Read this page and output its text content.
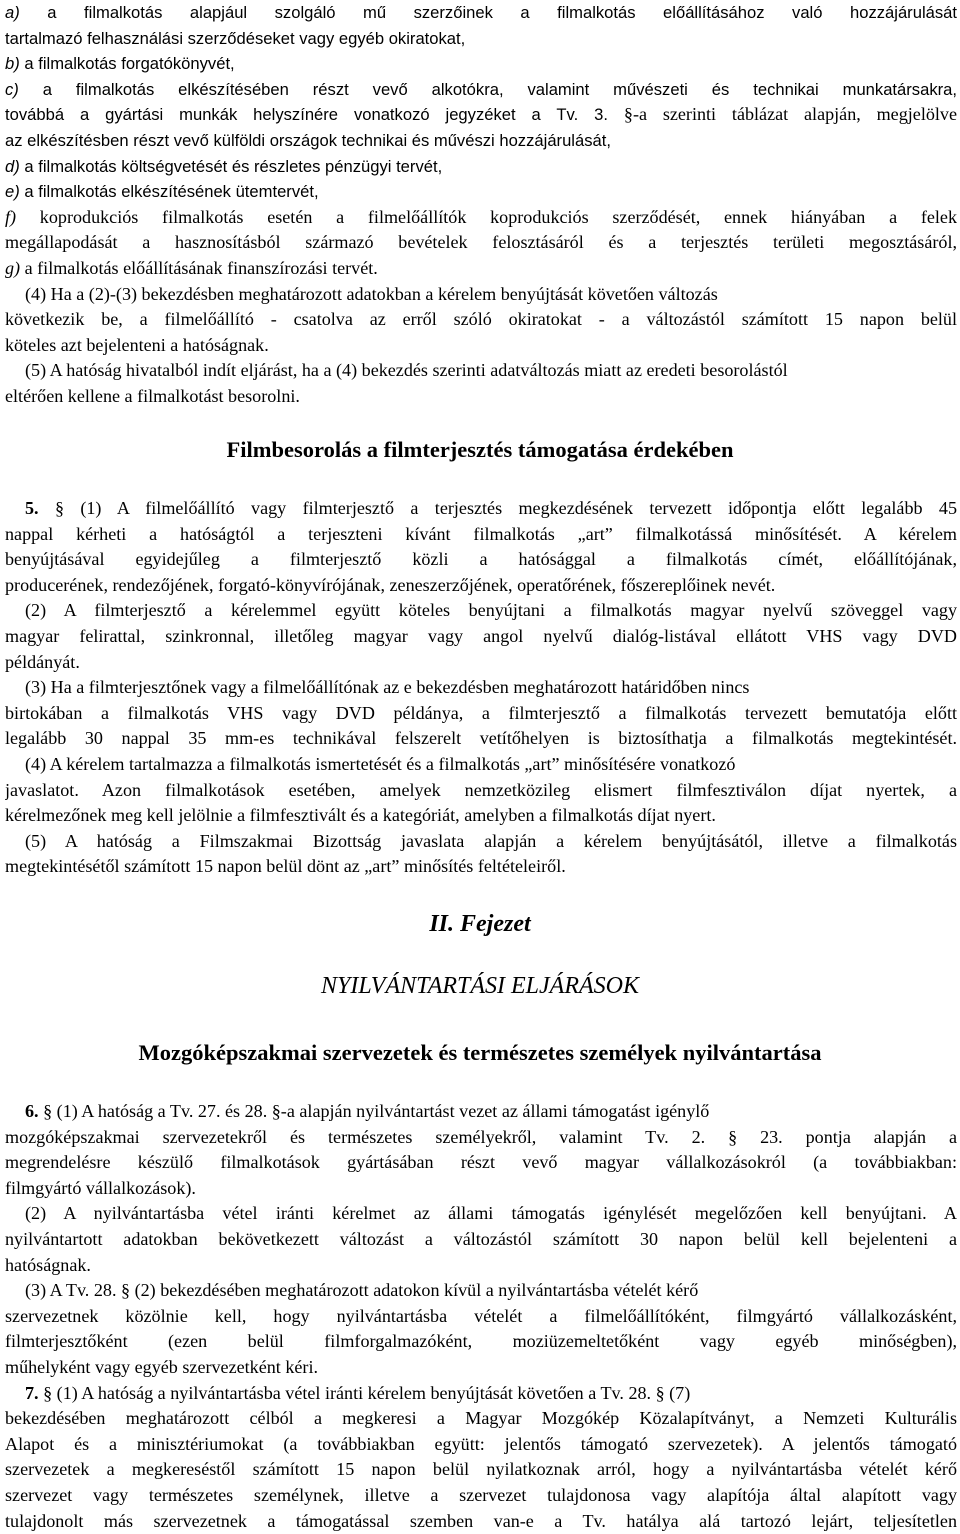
a) a filmalkotás alapjául szolgáló mű szerzőinek a filmalkotás előállításához való hozzájárulását
tartalmazó felhasználási szerződéseket vagy egyéb okiratokat,
b) a filmalkotás forgatókönyvét,
c) a filmalkotás elkészítésében részt vevő alkotókra, valamint művészeti és technikai munkatársakra,
továbbá a gyártási munkák helyszínére vonatkozó jegyzéket a Tv. 3. §-a szerinti táblázat alapján, megjelölve
az elkészítésben részt vevő külföldi országok technikai és művészi hozzájárulását,
d) a filmalkotás költségvetését és részletes pénzügyi tervét,
e) a filmalkotás elkészítésének ütemtervét,
f) koprodukciós filmalkotás esetén a filmelőállítók koprodukciós szerződését, ennek hiányában a felek
megállapodását a hasznosításból származó bevételek felosztásáról és a terjesztés területi megosztásáról,
g) a filmalkotás előállításának finanszírozási tervét.
(4) Ha a (2)-(3) bekezdésben meghatározott adatokban a kérelem benyújtását követően változás
következik be, a filmelőállító - csatolva az erről szóló okiratokat - a változástól számított 15 napon belül
köteles azt bejelenteni a hatóságnak.
(5) A hatóság hivatalból indít eljárást, ha a (4) bekezdés szerinti adatváltozás miatt az eredeti besorolástól
eltérően kellene a filmalkotást besorolni.
Filmbesorolás a filmterjesztés támogatása érdekében
5. § (1) A filmelőállító vagy filmterjesztő a terjesztés megkezdésének tervezett időpontja előtt legalább 45
nappal kérheti a hatóságtól a terjeszteni kívánt filmalkotás „art” filmalkotássá minősítését. A kérelem
benyújtásával egyidejűleg a filmterjesztő közli a hatósággal a filmalkotás címét, előállítójának,
producerének, rendezőjének, forgató-könyvírójának, zeneszerzőjének, operatőrének, főszereplőinek nevét.
(2) A filmterjesztő a kérelemmel együtt köteles benyújtani a filmalkotás magyar nyelvű szöveggel vagy
magyar felirattal, szinkronnal, illetőleg magyar vagy angol nyelvű dialóg-listával ellátott VHS vagy DVD
példányát.
(3) Ha a filmterjesztőnek vagy a filmelőállítónak az e bekezdésben meghatározott határidőben nincs
birtokában a filmalkotás VHS vagy DVD példánya, a filmterjesztő a filmalkotás tervezett bemutatója előtt
legalább 30 nappal 35 mm-es technikával felszerelt vetítőhelyen is biztosíthatja a filmalkotás megtekintését.
(4) A kérelem tartalmazza a filmalkotás ismertetését és a filmalkotás „art” minősítésére vonatkozó
javaslatot. Azon filmalkotások esetében, amelyek nemzetközileg elismert filmfesztiválon díjat nyertek, a
kérelmezőnek meg kell jelölnie a filmfesztivált és a kategóriát, amelyben a filmalkotás díjat nyert.
(5) A hatóság a Filmszakmai Bizottság javaslata alapján a kérelem benyújtásától, illetve a filmalkotás
megtekintésétől számított 15 napon belül dönt az „art” minősítés feltételeiről.
II. Fejezet
NYILVÁNTARTÁSI ELJÁRÁSOK
Mozgóképszakmai szervezetek és természetes személyek nyilvántartása
6. § (1) A hatóság a Tv. 27. és 28. §-a alapján nyilvántartást vezet az állami támogatást igénylő
mozgóképszakmai szervezetekről és természetes személyekről, valamint Tv. 2. § 23. pontja alapján a
megrendelésre készülő filmalkotások gyártásában részt vevő magyar vállalkozásokról (a továbbiakban:
filmgyártó vállalkozások).
(2) A nyilvántartásba vétel iránti kérelmet az állami támogatás igénylését megelőzően kell benyújtani. A
nyilvántartott adatokban bekövetkezett változást a változástól számított 30 napon belül kell bejelenteni a
hatóságnak.
(3) A Tv. 28. § (2) bekezdésében meghatározott adatokon kívül a nyilvántartásba vételét kérő
szervezetnek közölnie kell, hogy nyilvántartásba vételét a filmelőállítóként, filmgyártó vállalkozásként,
filmterjesztőként (ezen belül filmforgalmazóként, moziüzemeltetőként vagy egyéb minőségben),
műhelyként vagy egyéb szervezetként kéri.
7. § (1) A hatóság a nyilvántartásba vétel iránti kérelem benyújtását követően a Tv. 28. § (7)
bekezdésében meghatározott célból a megkeresi a Magyar Mozgókép Közalapítványt, a Nemzeti Kulturális
Alapot és a minisztériumokat (a továbbiakban együtt: jelentős támogató szervezetek). A jelentős támogató
szervezetek a megkereséstől számított 15 napon belül nyilatkoznak arról, hogy a nyilvántartásba vételét kérő
szervezet vagy természetes személynek, illetve a szervezet tulajdonosa vagy alapítója által alapított vagy
tulajdonolt más szervezetnek a támogatással szemben van-e a Tv. hatálya alá tartozó lejárt, teljesítetlen
